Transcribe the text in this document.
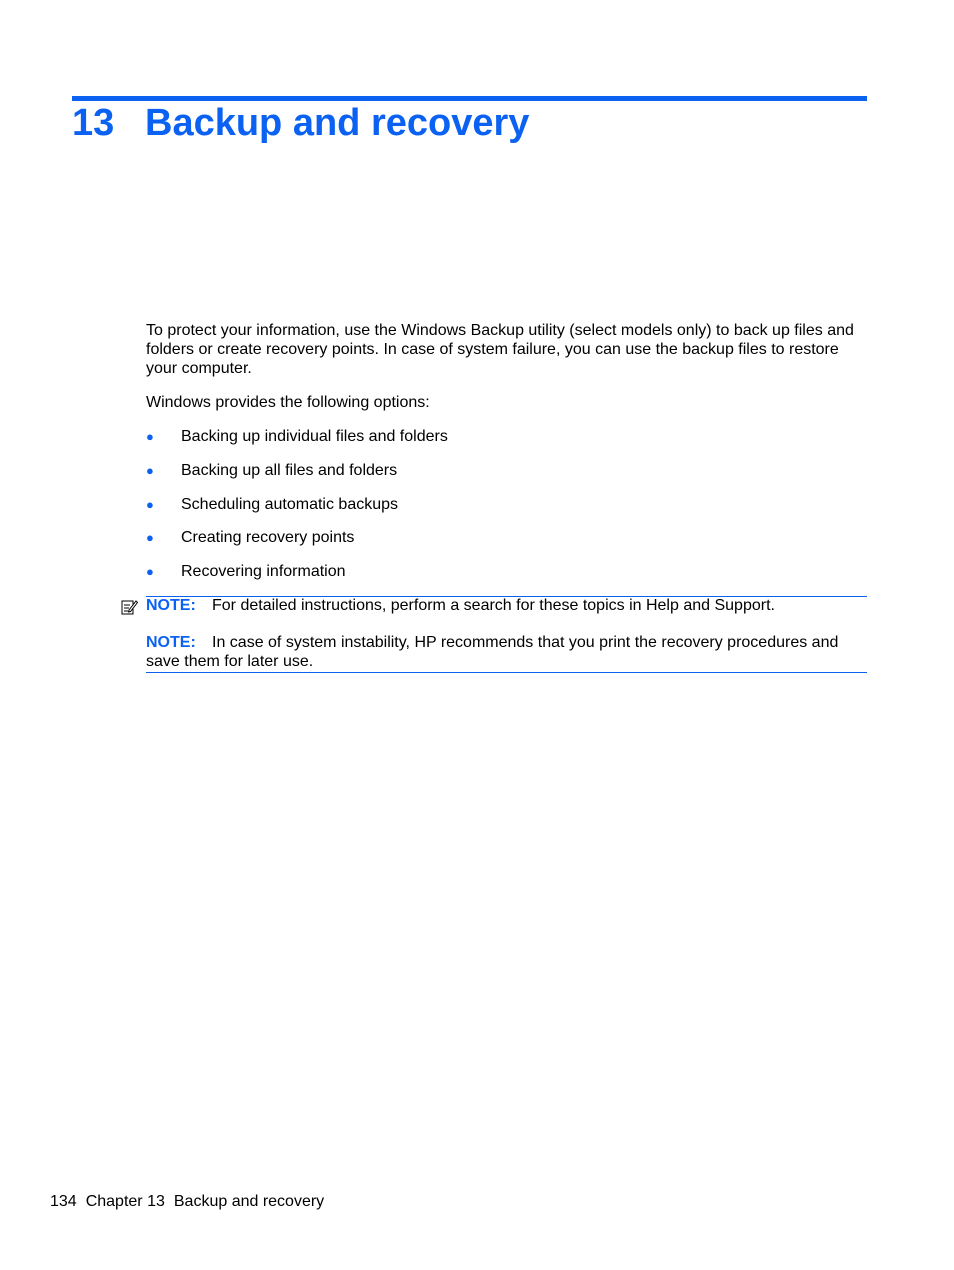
13 Backup and recovery

To protect your information, use the Windows Backup utility (select models only) to back up files and folders or create recovery points. In case of system failure, you can use the backup files to restore your computer.

Windows provides the following options:

● Backing up individual files and folders
● Backing up all files and folders
● Scheduling automatic backups
● Creating recovery points
● Recovering information

NOTE: For detailed instructions, perform a search for these topics in Help and Support.

NOTE: In case of system instability, HP recommends that you print the recovery procedures and save them for later use.

134 Chapter 13 Backup and recovery
